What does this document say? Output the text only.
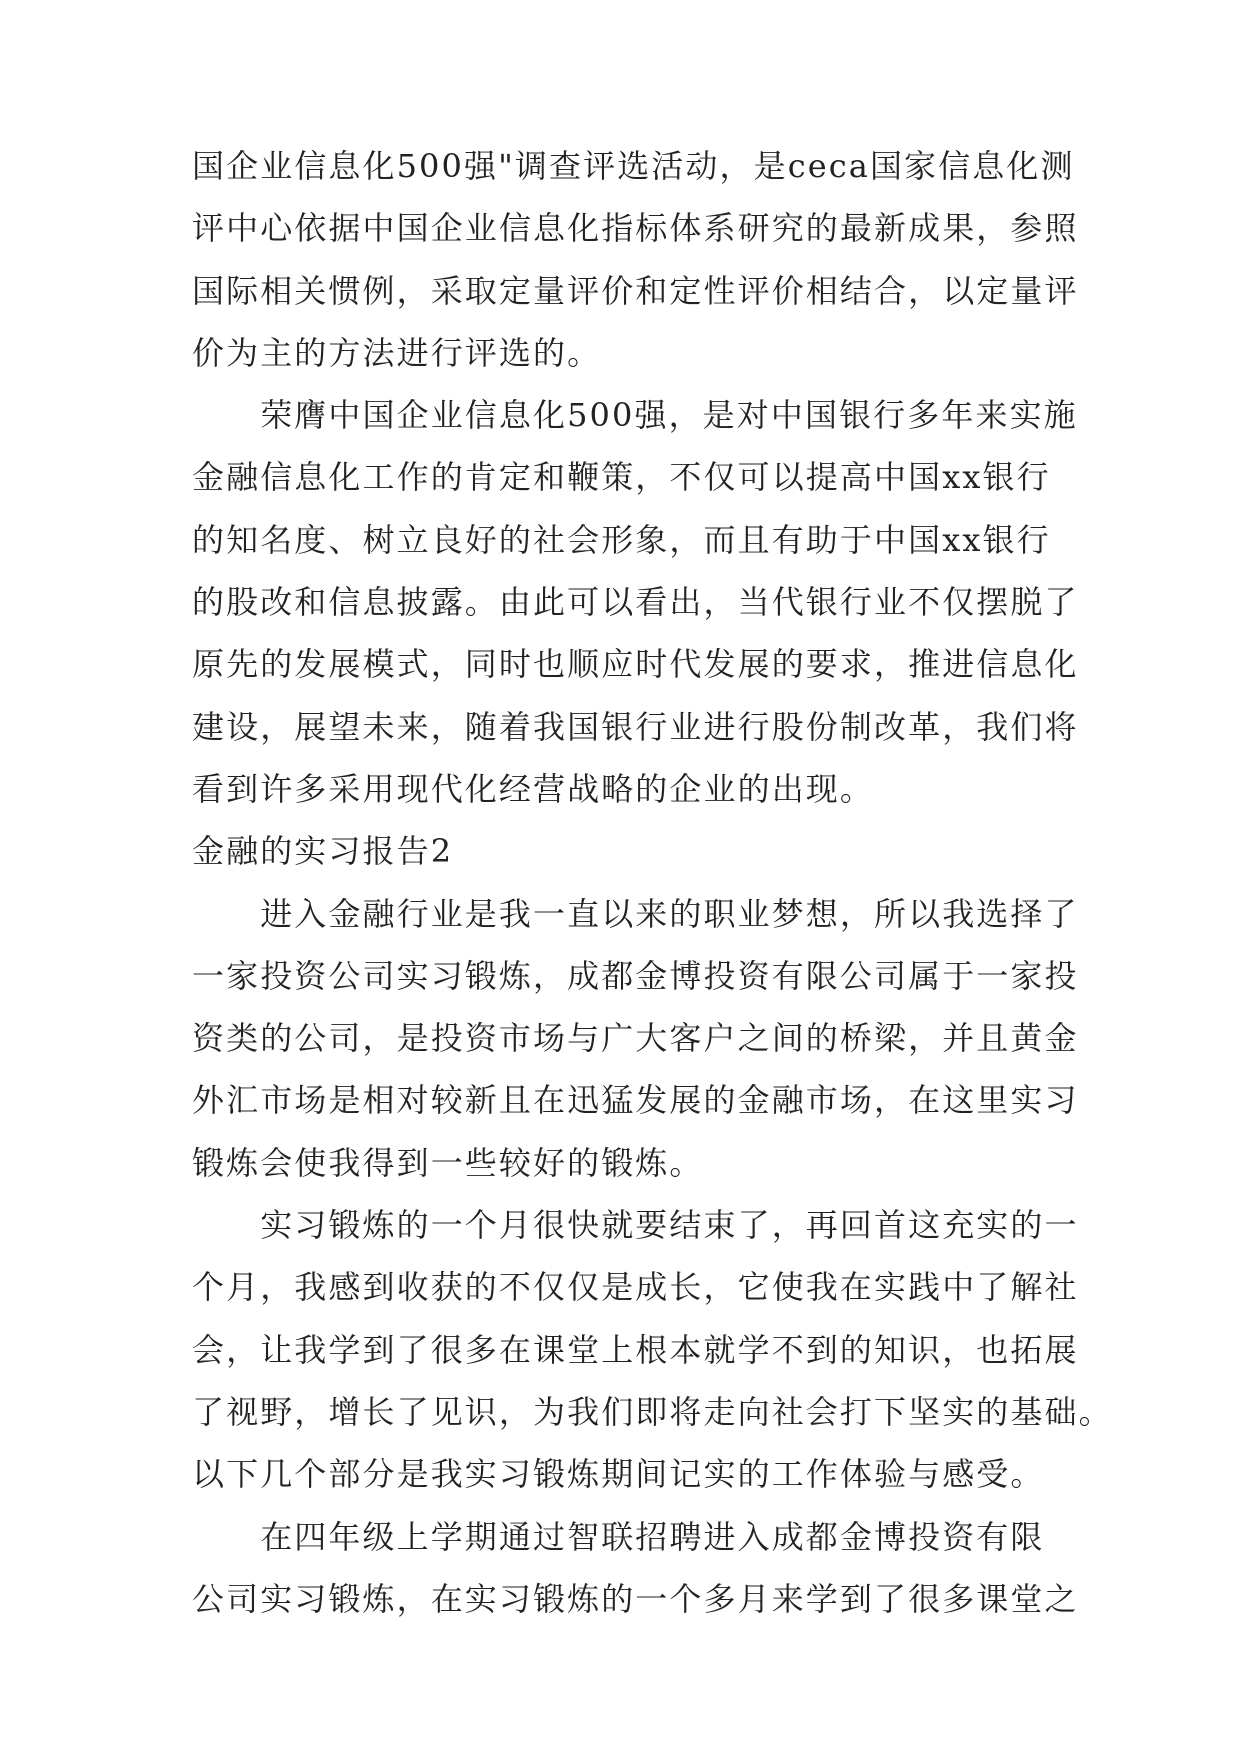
国企业信息化500强"调查评选活动，是ceca国家信息化测
评中心依据中国企业信息化指标体系研究的最新成果，参照
国际相关惯例，采取定量评价和定性评价相结合，以定量评
价为主的方法进行评选的。
　　荣膺中国企业信息化500强，是对中国银行多年来实施
金融信息化工作的肯定和鞭策，不仅可以提高中国xx银行
的知名度、树立良好的社会形象，而且有助于中国xx银行
的股改和信息披露。由此可以看出，当代银行业不仅摆脱了
原先的发展模式，同时也顺应时代发展的要求，推进信息化
建设，展望未来，随着我国银行业进行股份制改革，我们将
看到许多采用现代化经营战略的企业的出现。
金融的实习报告2
　　进入金融行业是我一直以来的职业梦想，所以我选择了
一家投资公司实习锻炼，成都金博投资有限公司属于一家投
资类的公司，是投资市场与广大客户之间的桥梁，并且黄金
外汇市场是相对较新且在迅猛发展的金融市场，在这里实习
锻炼会使我得到一些较好的锻炼。
　　实习锻炼的一个月很快就要结束了，再回首这充实的一
个月，我感到收获的不仅仅是成长，它使我在实践中了解社
会，让我学到了很多在课堂上根本就学不到的知识，也拓展
了视野，增长了见识，为我们即将走向社会打下坚实的基础。
以下几个部分是我实习锻炼期间记实的工作体验与感受。
　　在四年级上学期通过智联招聘进入成都金博投资有限
公司实习锻炼，在实习锻炼的一个多月来学到了很多课堂之
